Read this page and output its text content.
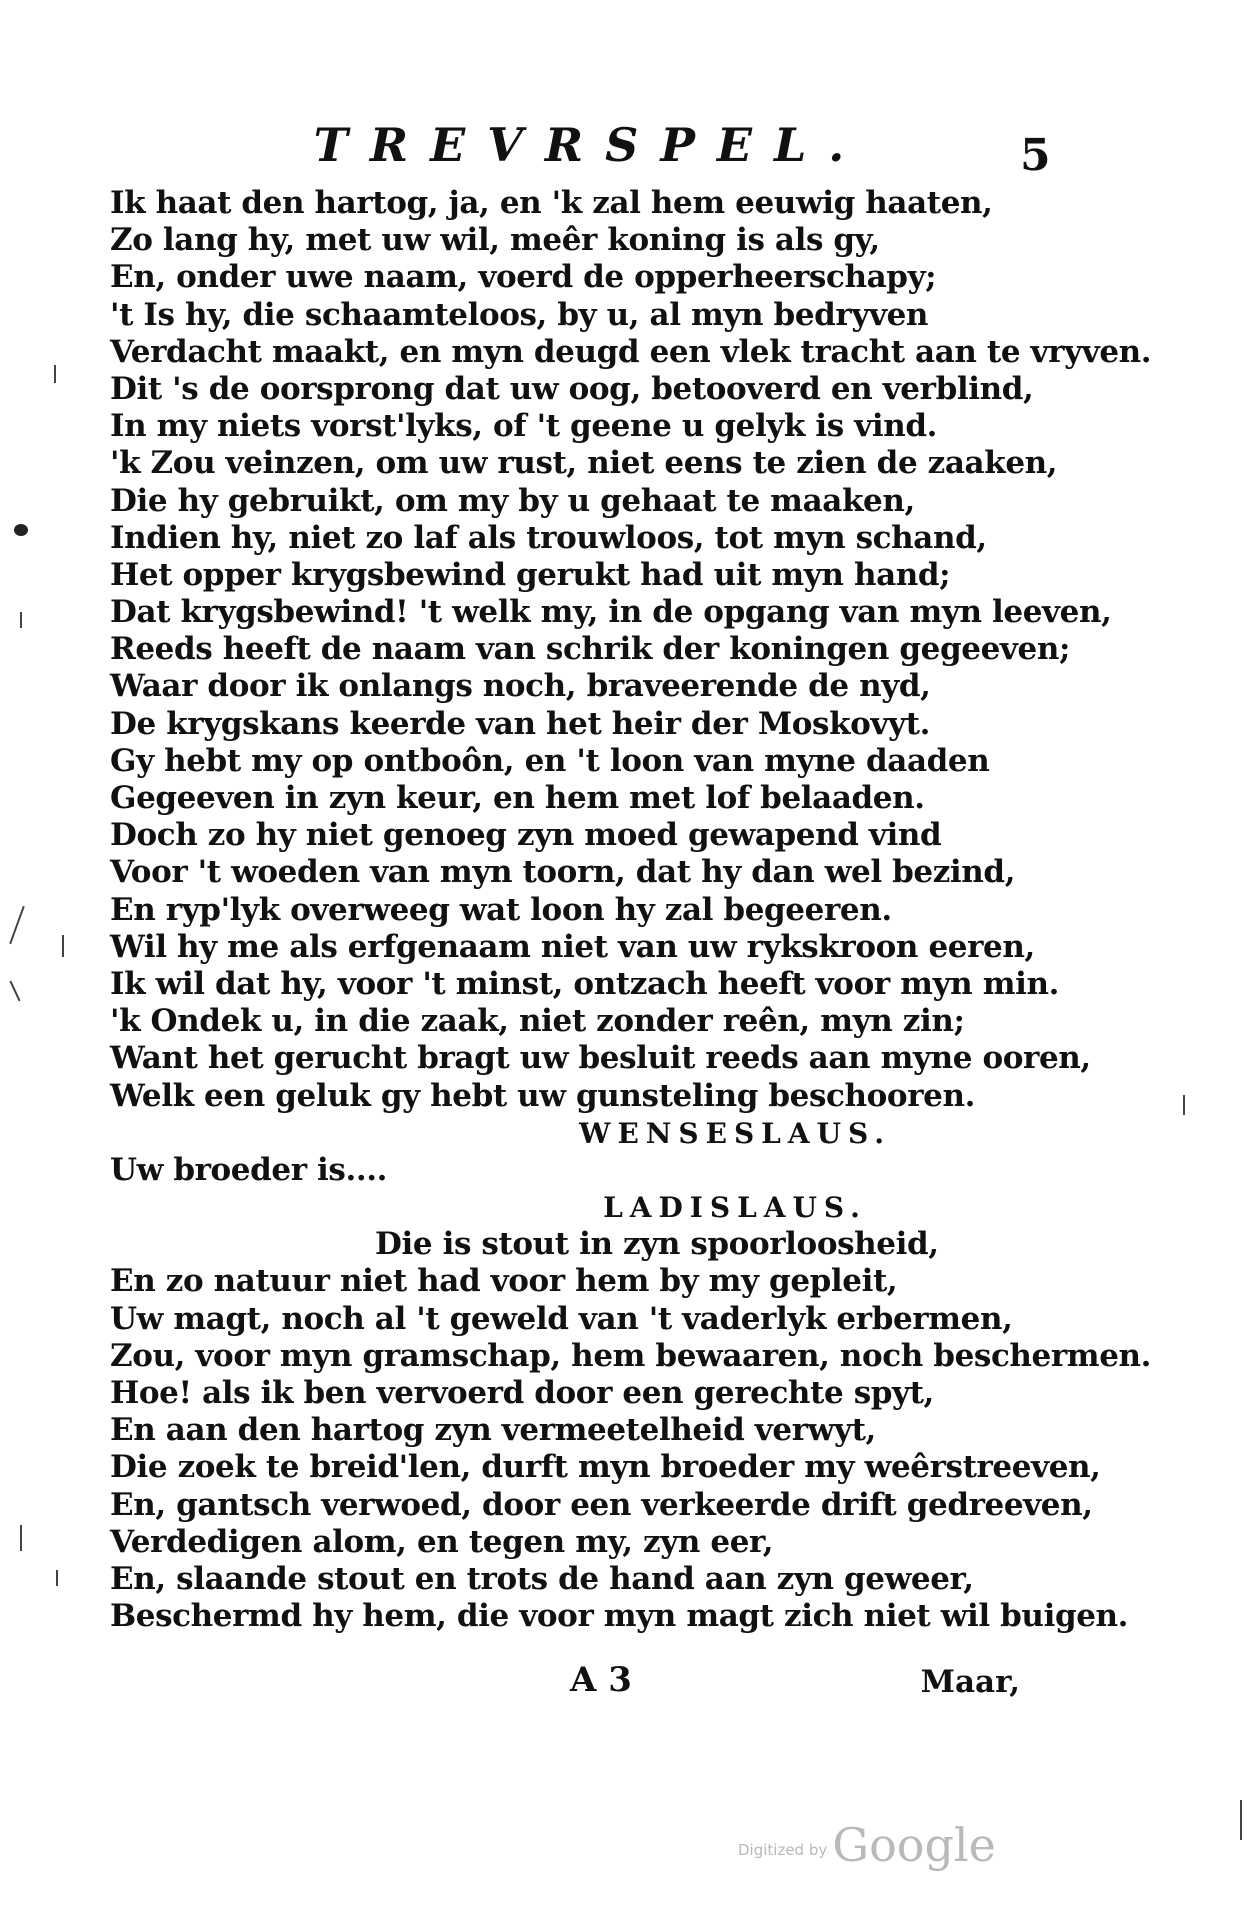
TREVRSPEL.	5
Ik haat den hartog, ja, en 'k zal hem eeuwig haaten,
Zo lang hy, met uw wil, meêr koning is als gy,
En, onder uwe naam, voerd de opperheerschapy;
't Is hy, die schaamteloos, by u, al myn bedryven
Verdacht maakt, en myn deugd een vlek tracht aan te vryven.
Dit 's de oorsprong dat uw oog, betooverd en verblind,
In my niets vorst'lyks, of 't geene u gelyk is vind.
'k Zou veinzen, om uw rust, niet eens te zien de zaaken,
Die hy gebruikt, om my by u gehaat te maaken,
Indien hy, niet zo laf als trouwloos, tot myn schand,
Het opper krygsbewind gerukt had uit myn hand;
Dat krygsbewind! 't welk my, in de opgang van myn leeven,
Reeds heeft de naam van schrik der koningen gegeeven;
Waar door ik onlangs noch, braveerende de nyd,
De krygskans keerde van het heir der Moskovyt.
Gy hebt my op ontboôn, en 't loon van myne daaden
Gegeeven in zyn keur, en hem met lof belaaden.
Doch zo hy niet genoeg zyn moed gewapend vind
Voor 't woeden van myn toorn, dat hy dan wel bezind,
En ryp'lyk overweeg wat loon hy zal begeeren.
Wil hy me als erfgenaam niet van uw rykskroon eeren,
Ik wil dat hy, voor 't minst, ontzach heeft voor myn min.
'k Ondek u, in die zaak, niet zonder reên, myn zin;
Want het gerucht bragt uw besluit reeds aan myne ooren,
Welk een geluk gy hebt uw gunsteling beschooren.
WENSESLAUS.
Uw broeder is....
LADISLAUS.
Die is stout in zyn spoorloosheid,
En zo natuur niet had voor hem by my gepleit,
Uw magt, noch al 't geweld van 't vaderlyk erbermen,
Zou, voor myn gramschap, hem bewaaren, noch beschermen.
Hoe! als ik ben vervoerd door een gerechte spyt,
En aan den hartog zyn vermeetelheid verwyt,
Die zoek te breid'len, durft myn broeder my weêrstreeven,
En, gantsch verwoed, door een verkeerde drift gedreeven,
Verdedigen alom, en tegen my, zyn eer,
En, slaande stout en trots de hand aan zyn geweer,
Beschermd hy hem, die voor myn magt zich niet wil buigen.
A 3	Maar,
Digitized by Google
